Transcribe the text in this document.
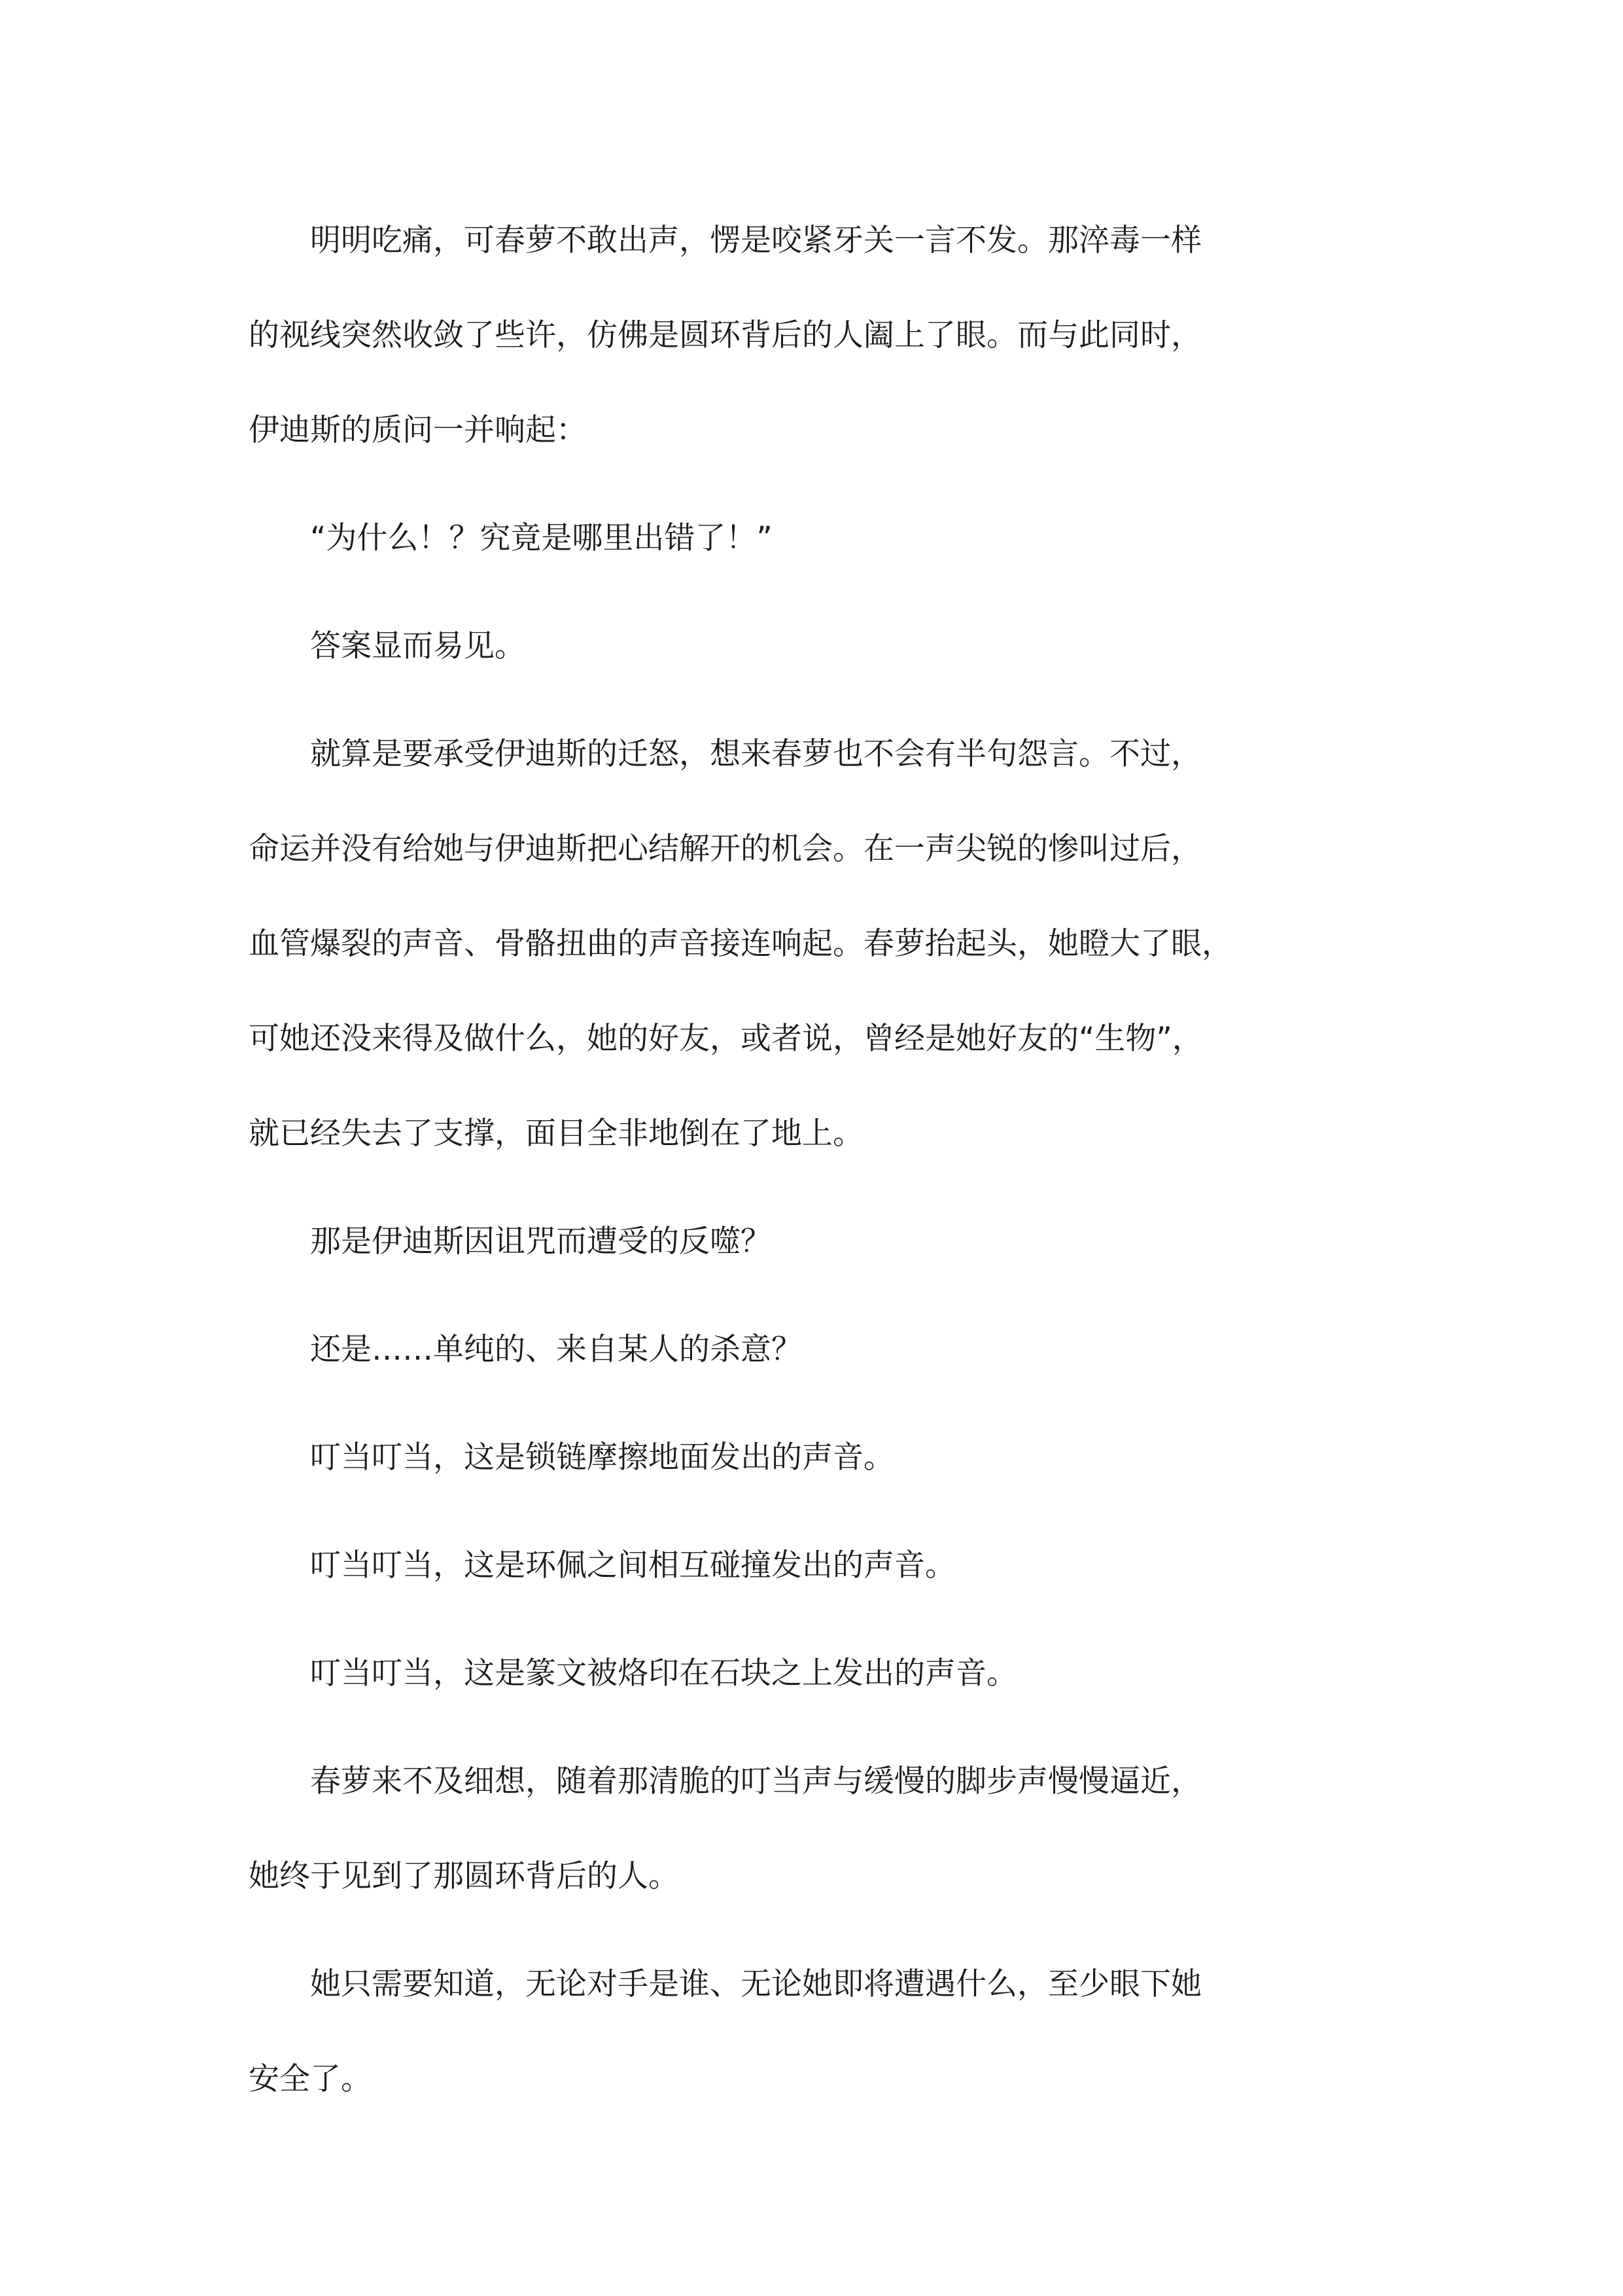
明明吃痛，可春萝不敢出声，愣是咬紧牙关一言不发。那淬毒一样
的视线突然收敛了些许，仿佛是圆环背后的人阖上了眼。而与此同时，
伊迪斯的质问一并响起：

“为什么！？究竟是哪里出错了！”

答案显而易见。

就算是要承受伊迪斯的迁怒，想来春萝也不会有半句怨言。不过，
命运并没有给她与伊迪斯把心结解开的机会。在一声尖锐的惨叫过后，
血管爆裂的声音、骨骼扭曲的声音接连响起。春萝抬起头，她瞪大了眼，
可她还没来得及做什么，她的好友，或者说，曾经是她好友的“生物”，
就已经失去了支撑，面目全非地倒在了地上。

那是伊迪斯因诅咒而遭受的反噬？

还是……单纯的、来自某人的杀意？

叮当叮当，这是锁链摩擦地面发出的声音。

叮当叮当，这是环佩之间相互碰撞发出的声音。

叮当叮当，这是篆文被烙印在石块之上发出的声音。

春萝来不及细想，随着那清脆的叮当声与缓慢的脚步声慢慢逼近，
她终于见到了那圆环背后的人。

她只需要知道，无论对手是谁、无论她即将遭遇什么，至少眼下她
安全了。
